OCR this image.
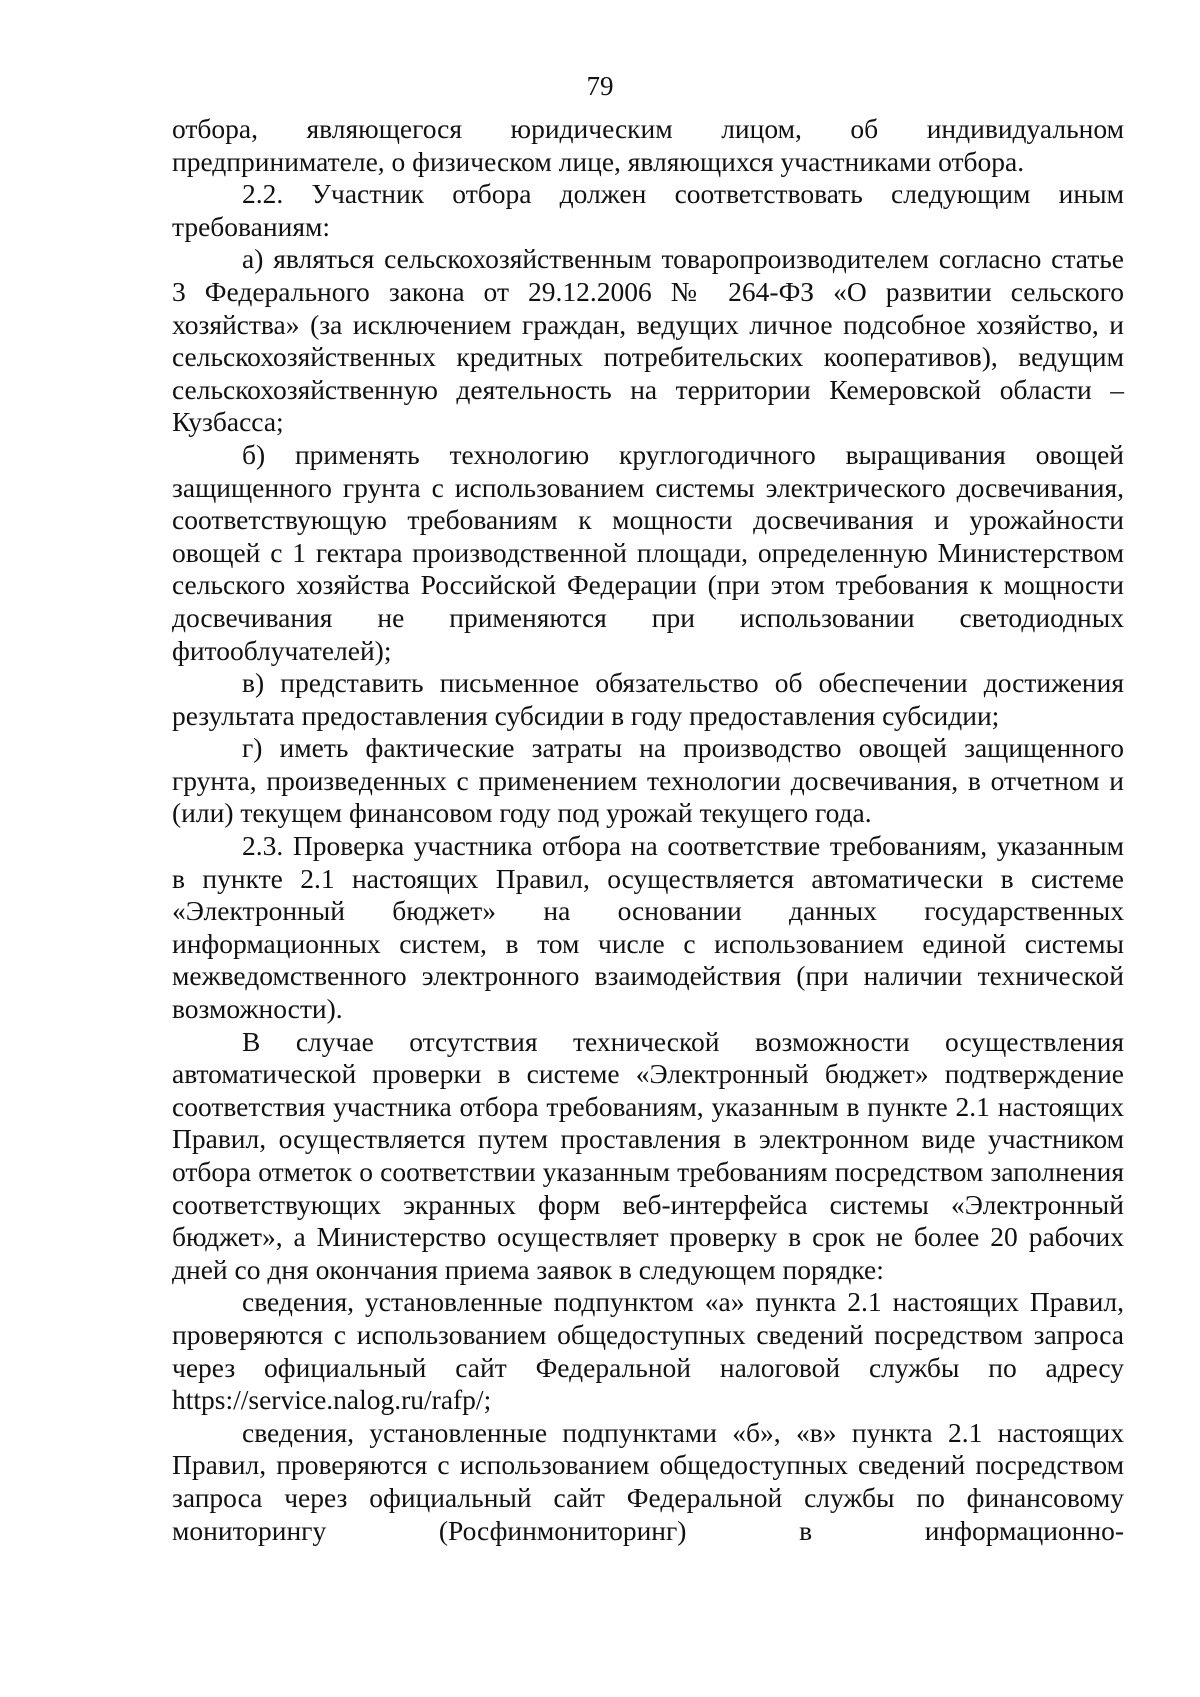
79

отбора, являющегося юридическим лицом, об индивидуальном предпринимателе, о физическом лице, являющихся участниками отбора.

2.2. Участник отбора должен соответствовать следующим иным требованиям:

а) являться сельскохозяйственным товаропроизводителем согласно статье 3 Федерального закона от 29.12.2006 № 264-ФЗ «О развитии сельского хозяйства» (за исключением граждан, ведущих личное подсобное хозяйство, и сельскохозяйственных кредитных потребительских кооперативов), ведущим сельскохозяйственную деятельность на территории Кемеровской области – Кузбасса;

б) применять технологию круглогодичного выращивания овощей защищенного грунта с использованием системы электрического досвечивания, соответствующую требованиям к мощности досвечивания и урожайности овощей с 1 гектара производственной площади, определенную Министерством сельского хозяйства Российской Федерации (при этом требования к мощности досвечивания не применяются при использовании светодиодных фитооблучателей);

в) представить письменное обязательство об обеспечении достижения результата предоставления субсидии в году предоставления субсидии;

г) иметь фактические затраты на производство овощей защищенного грунта, произведенных с применением технологии досвечивания, в отчетном и (или) текущем финансовом году под урожай текущего года.

2.3. Проверка участника отбора на соответствие требованиям, указанным в пункте 2.1 настоящих Правил, осуществляется автоматически в системе «Электронный бюджет» на основании данных государственных информационных систем, в том числе с использованием единой системы межведомственного электронного взаимодействия (при наличии технической возможности).

В случае отсутствия технической возможности осуществления автоматической проверки в системе «Электронный бюджет» подтверждение соответствия участника отбора требованиям, указанным в пункте 2.1 настоящих Правил, осуществляется путем проставления в электронном виде участником отбора отметок о соответствии указанным требованиям посредством заполнения соответствующих экранных форм веб-интерфейса системы «Электронный бюджет», а Министерство осуществляет проверку в срок не более 20 рабочих дней со дня окончания приема заявок в следующем порядке:

сведения, установленные подпунктом «а» пункта 2.1 настоящих Правил, проверяются с использованием общедоступных сведений посредством запроса через официальный сайт Федеральной налоговой службы по адресу https://service.nalog.ru/rafp/;

сведения, установленные подпунктами «б», «в» пункта 2.1 настоящих Правил, проверяются с использованием общедоступных сведений посредством запроса через официальный сайт Федеральной службы по финансовому мониторингу (Росфинмониторинг) в информационно-
